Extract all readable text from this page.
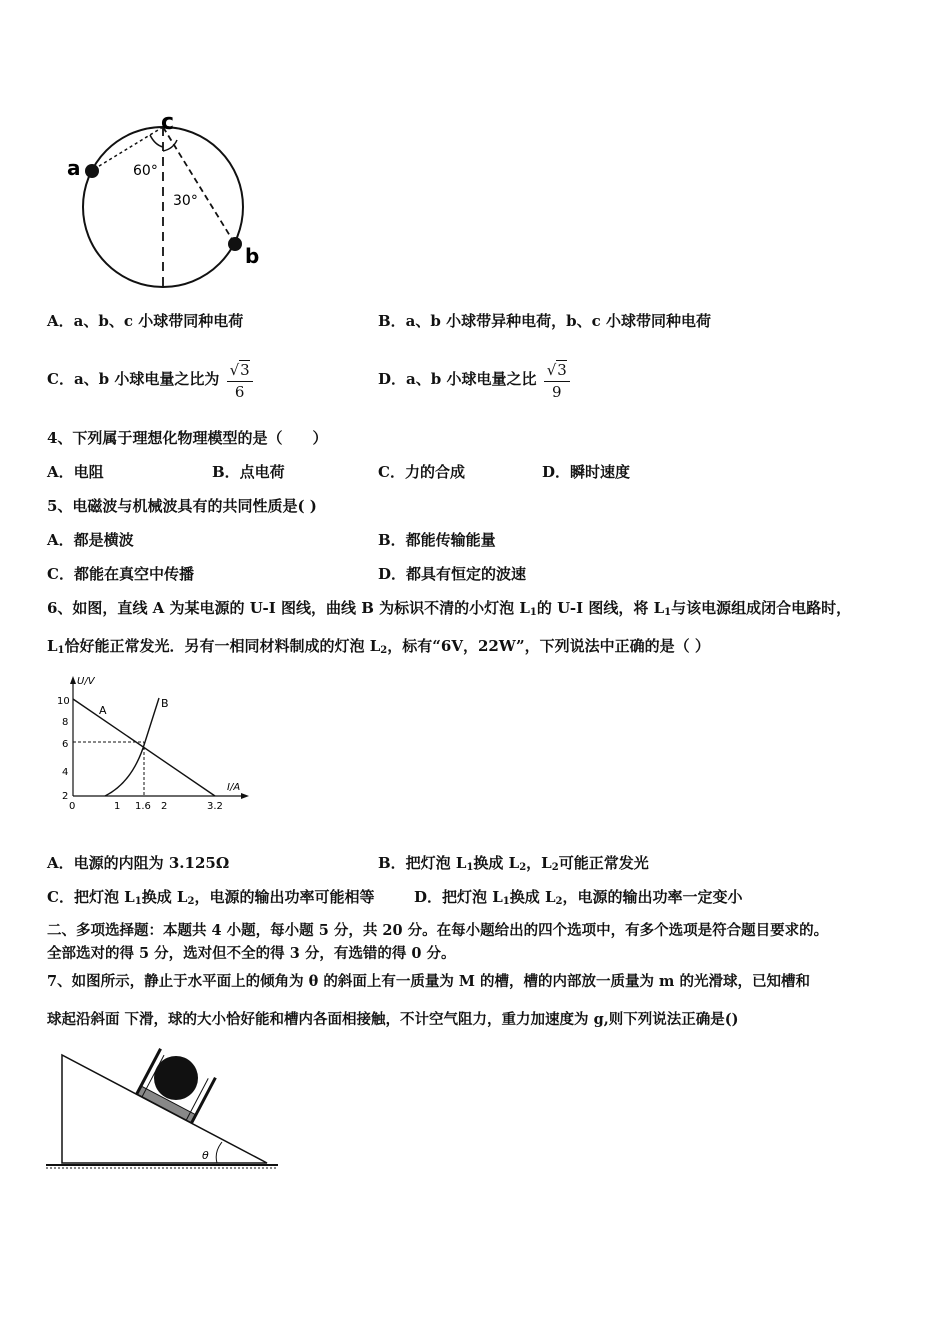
a
b
c
60°
30°
A．a、b、c 小球带同种电荷	B．a、b 小球带异种电荷，b、c 小球带同种电荷
C．a、b 小球电量之比为 $\frac{√3}{6}$	D．a、b 小球电量之比 $\frac{√3}{9}$
4、下列属于理想化物理模型的是（　　）
A．电阻	B．点电荷	C．力的合成	D．瞬时速度
5、电磁波与机械波具有的共同性质是( )
A．都是横波	B．都能传输能量
C．都能在真空中传播	D．都具有恒定的波速
6、如图，直线 A 为某电源的 U-I 图线，曲线 B 为标识不清的小灯泡 $L_1$的 U-I 图线，将 $L_1$与该电源组成闭合电路时，
$L_1$恰好能正常发光．另有一相同材料制成的灯泡 $L_2$，标有“6V，22W”，下列说法中正确的是（ ）
U/V
I/A
10
8
6
4
2
0	1 1.6 2	3.2
A
B
A．电源的内阻为 3.125Ω	B．把灯泡 $L_1$换成 $L_2$，$L_2$可能正常发光
C．把灯泡 $L_1$换成 $L_2$，电源的输出功率可能相等	D．把灯泡 $L_1$换成 $L_2$，电源的输出功率一定变小
二、多项选择题：本题共 4 小题，每小题 5 分，共 20 分。在每小题给出的四个选项中，有多个选项是符合题目要求的。
全部选对的得 5 分，选对但不全的得 3 分，有选错的得 0 分。
7、如图所示，静止于水平面上的倾角为 θ 的斜面上有一质量为 M 的槽，槽的内部放一质量为 m 的光滑球，已知槽和
球起沿斜面 下滑，球的大小恰好能和槽内各面相接触，不计空气阻力，重力加速度为 g,则下列说法正确是()
θ
